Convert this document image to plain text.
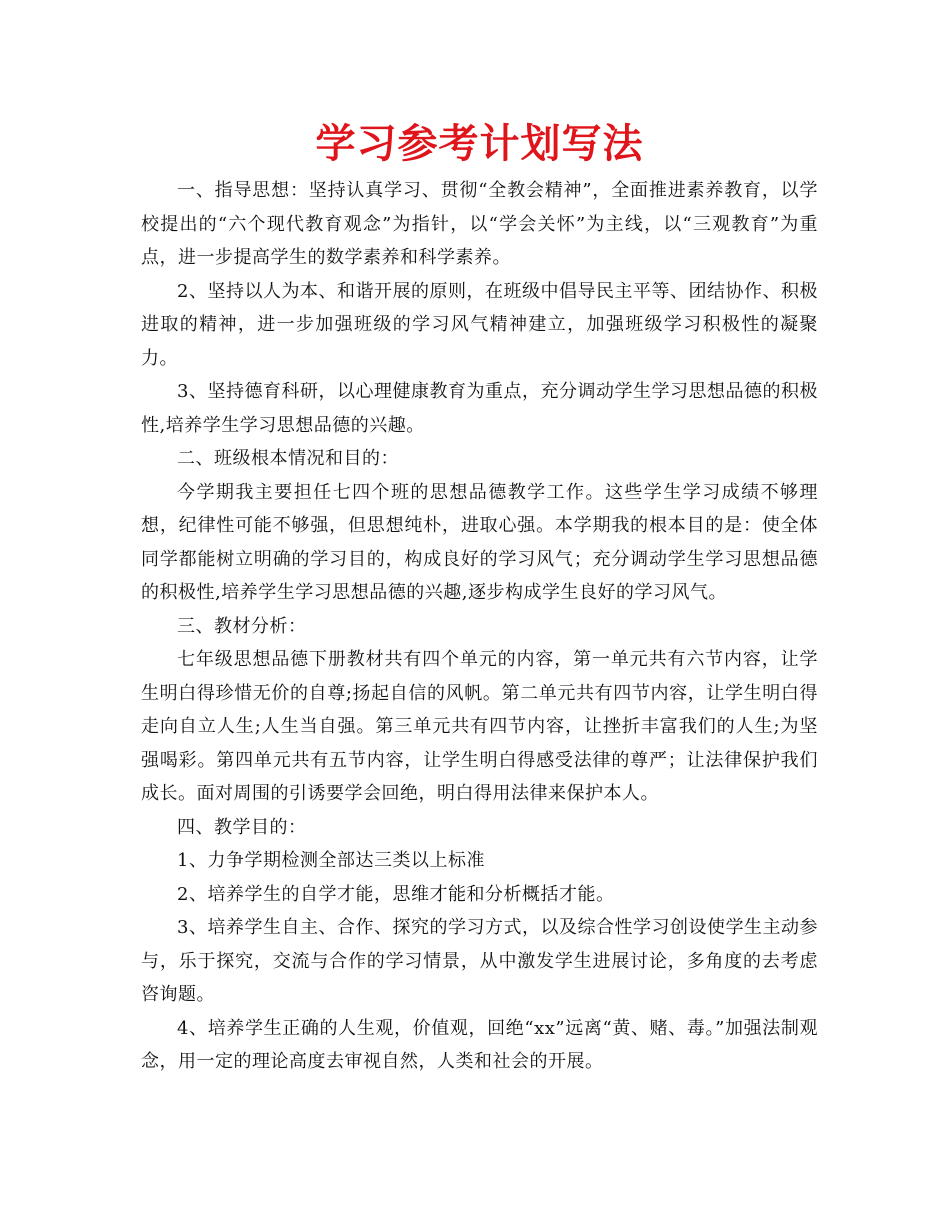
学习参考计划写法

一、指导思想：坚持认真学习、贯彻“全教会精神”，全面推进素养教育，以学校提出的“六个现代教育观念”为指针，以“学会关怀”为主线，以“三观教育”为重点，进一步提高学生的数学素养和科学素养。

2、坚持以人为本、和谐开展的原则，在班级中倡导民主平等、团结协作、积极进取的精神，进一步加强班级的学习风气精神建立，加强班级学习积极性的凝聚力。

3、坚持德育科研，以心理健康教育为重点，充分调动学生学习思想品德的积极性,培养学生学习思想品德的兴趣。

二、班级根本情况和目的：

今学期我主要担任七四个班的思想品德教学工作。这些学生学习成绩不够理想，纪律性可能不够强，但思想纯朴，进取心强。本学期我的根本目的是：使全体同学都能树立明确的学习目的，构成良好的学习风气；充分调动学生学习思想品德的积极性,培养学生学习思想品德的兴趣,逐步构成学生良好的学习风气。

三、教材分析：

七年级思想品德下册教材共有四个单元的内容，第一单元共有六节内容，让学生明白得珍惜无价的自尊;扬起自信的风帆。第二单元共有四节内容，让学生明白得走向自立人生;人生当自强。第三单元共有四节内容，让挫折丰富我们的人生;为坚强喝彩。第四单元共有五节内容，让学生明白得感受法律的尊严；让法律保护我们成长。面对周围的引诱要学会回绝，明白得用法律来保护本人。

四、教学目的：

1、力争学期检测全部达三类以上标准

2、培养学生的自学才能，思维才能和分析概括才能。

3、培养学生自主、合作、探究的学习方式，以及综合性学习创设使学生主动参与，乐于探究，交流与合作的学习情景，从中激发学生进展讨论，多角度的去考虑咨询题。

4、培养学生正确的人生观，价值观，回绝“xx”远离“黄、赌、毒。”加强法制观念，用一定的理论高度去审视自然，人类和社会的开展。
